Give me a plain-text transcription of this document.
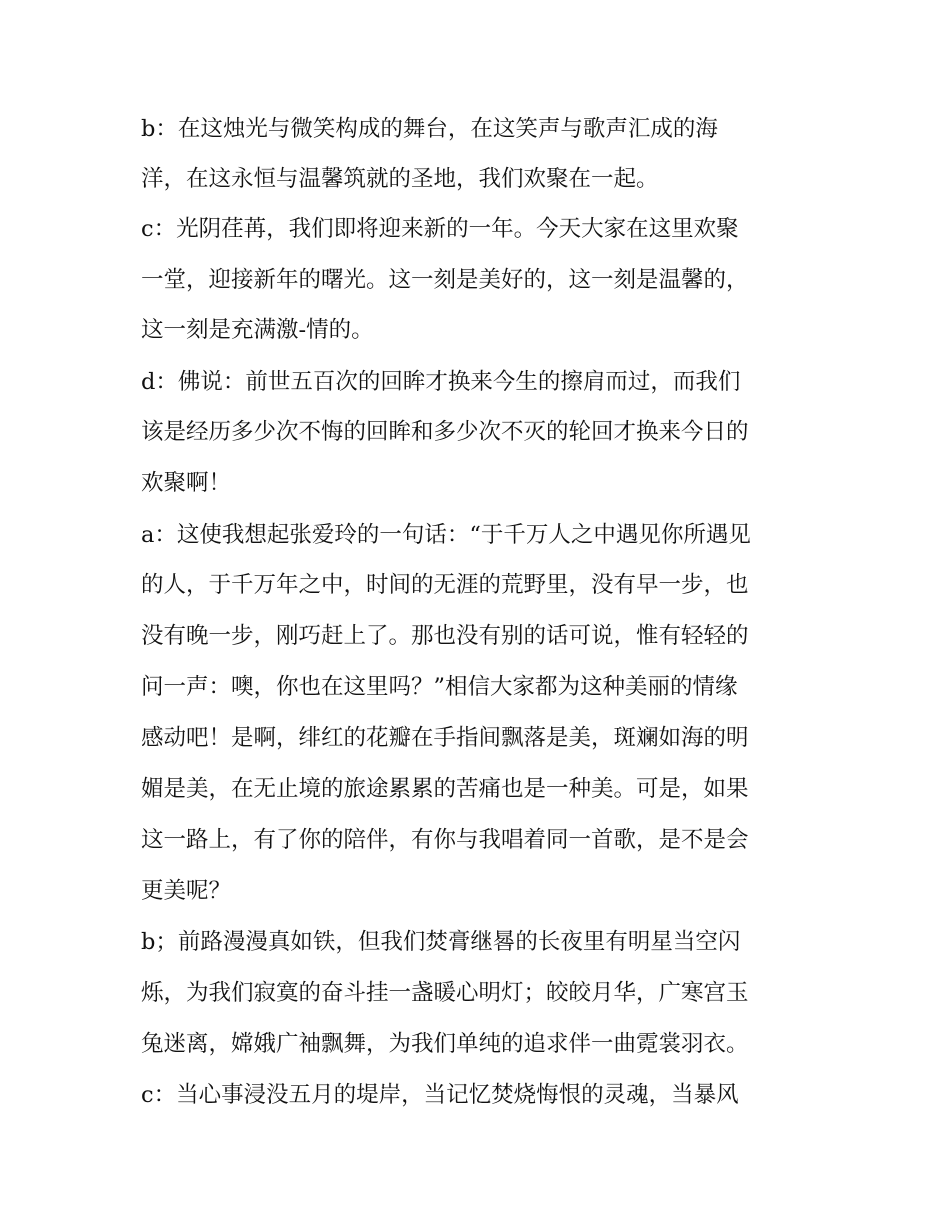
b：在这烛光与微笑构成的舞台，在这笑声与歌声汇成的海
洋，在这永恒与温馨筑就的圣地，我们欢聚在一起。
c：光阴荏苒，我们即将迎来新的一年。今天大家在这里欢聚
一堂，迎接新年的曙光。这一刻是美好的，这一刻是温馨的，
这一刻是充满激-情的。
d：佛说：前世五百次的回眸才换来今生的擦肩而过，而我们
该是经历多少次不悔的回眸和多少次不灭的轮回才换来今日的
欢聚啊！
a：这使我想起张爱玲的一句话：“于千万人之中遇见你所遇见
的人，于千万年之中，时间的无涯的荒野里，没有早一步，也
没有晚一步，刚巧赶上了。那也没有别的话可说，惟有轻轻的
问一声：噢，你也在这里吗？”相信大家都为这种美丽的情缘
感动吧！是啊，绯红的花瓣在手指间飘落是美，斑斓如海的明
媚是美，在无止境的旅途累累的苦痛也是一种美。可是，如果
这一路上，有了你的陪伴，有你与我唱着同一首歌，是不是会
更美呢？
b；前路漫漫真如铁，但我们焚膏继晷的长夜里有明星当空闪
烁，为我们寂寞的奋斗挂一盏暖心明灯；皎皎月华，广寒宫玉
兔迷离，嫦娥广袖飘舞，为我们单纯的追求伴一曲霓裳羽衣。
c：当心事浸没五月的堤岸，当记忆焚烧悔恨的灵魂，当暴风
